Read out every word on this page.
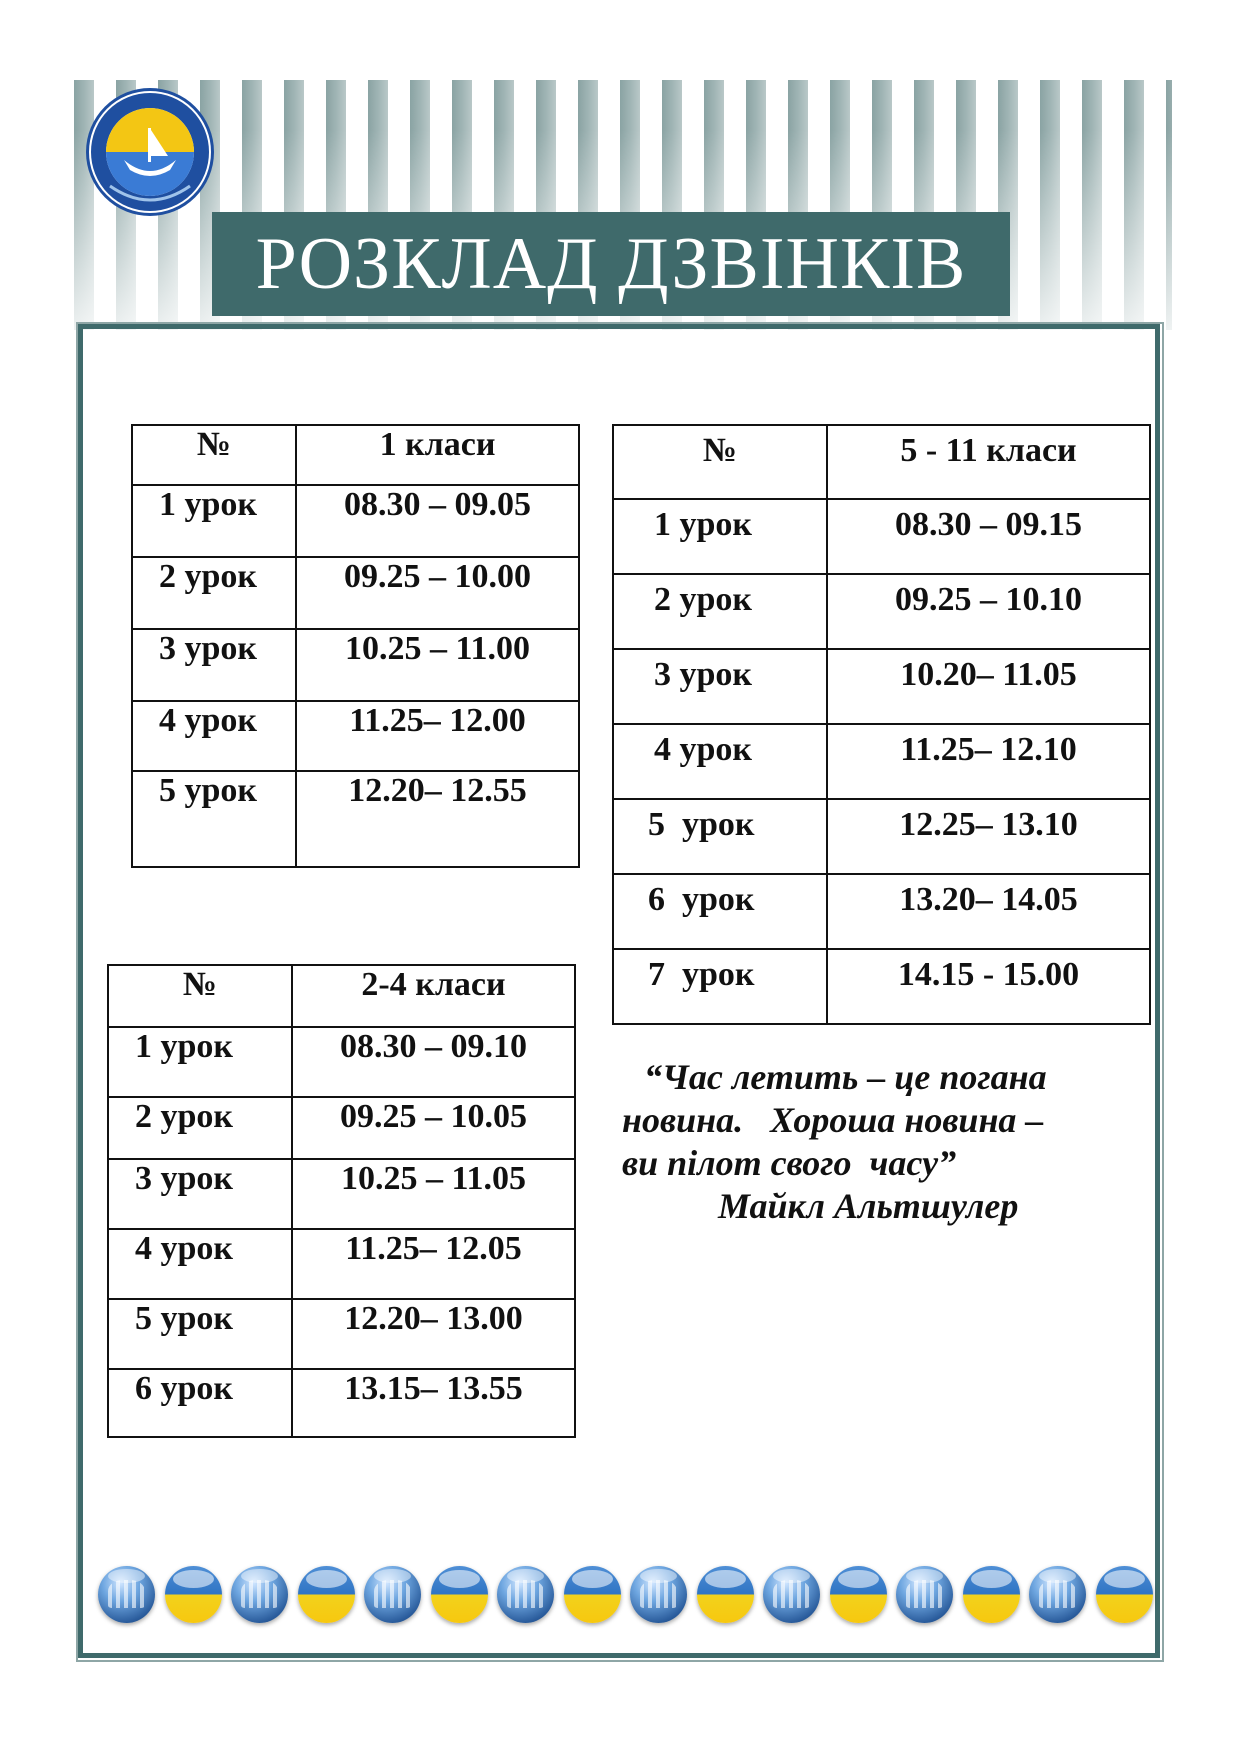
РОЗКЛАД ДЗВІНКІВ
№	1 класи
1 урок	08.30 – 09.05
2 урок	09.25 – 10.00
3 урок	10.25 – 11.00
4 урок	11.25– 12.00
5 урок	12.20– 12.55
№	2-4 класи
1 урок	08.30 – 09.10
2 урок	09.25 – 10.05
3 урок	10.25 – 11.05
4 урок	11.25– 12.05
5 урок	12.20– 13.00
6 урок	13.15– 13.55
№	5 - 11 класи
1 урок	08.30 – 09.15
2 урок	09.25 – 10.10
3 урок	10.20– 11.05
4 урок	11.25– 12.10
5  урок	12.25– 13.10
6  урок	13.20– 14.05
7  урок	14.15 - 15.00
“Час летить – це погана
новина.   Хороша новина –
ви пілот свого  часу”
Майкл Альтшулер
